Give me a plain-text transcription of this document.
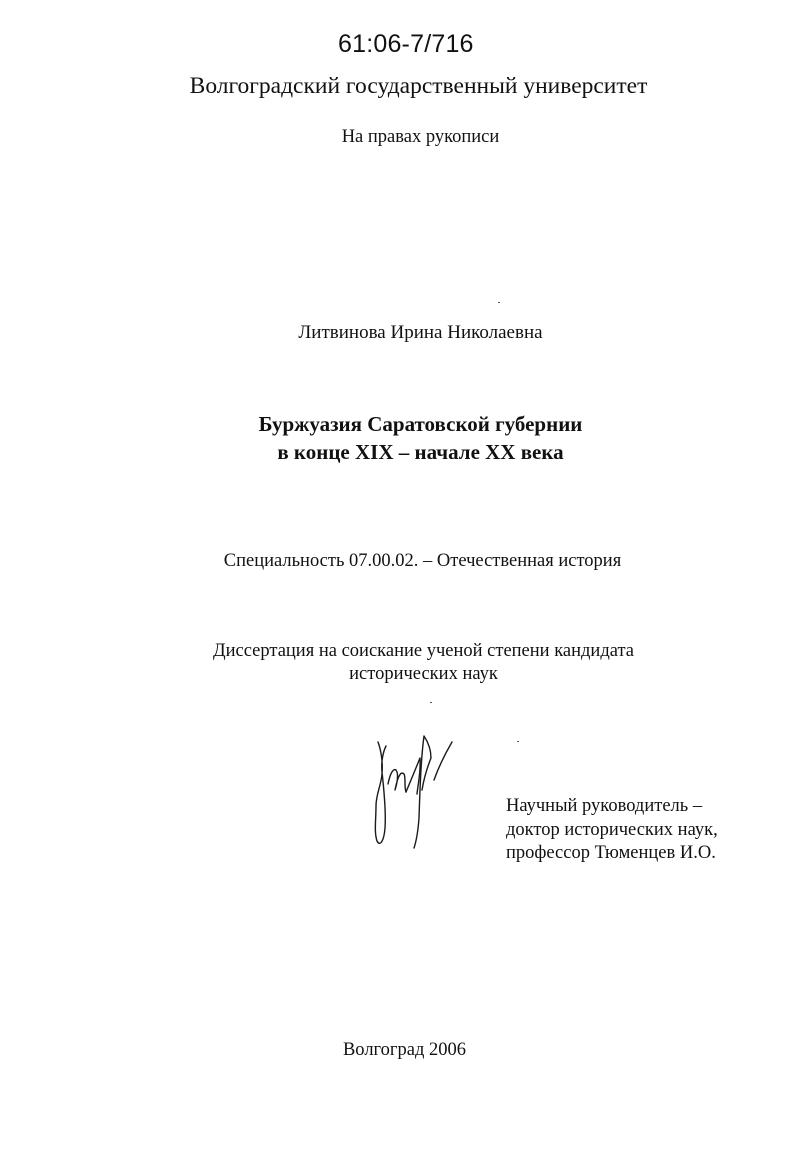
61:06-7/716
Волгоградский государственный университет
На правах рукописи
Литвинова Ирина Николаевна
Буржуазия Саратовской губернии
в конце XIX – начале XX века
Специальность 07.00.02. – Отечественная история
Диссертация на соискание ученой степени кандидата
исторических наук
Научный руководитель –
доктор исторических наук,
профессор Тюменцев И.О.
Волгоград 2006
